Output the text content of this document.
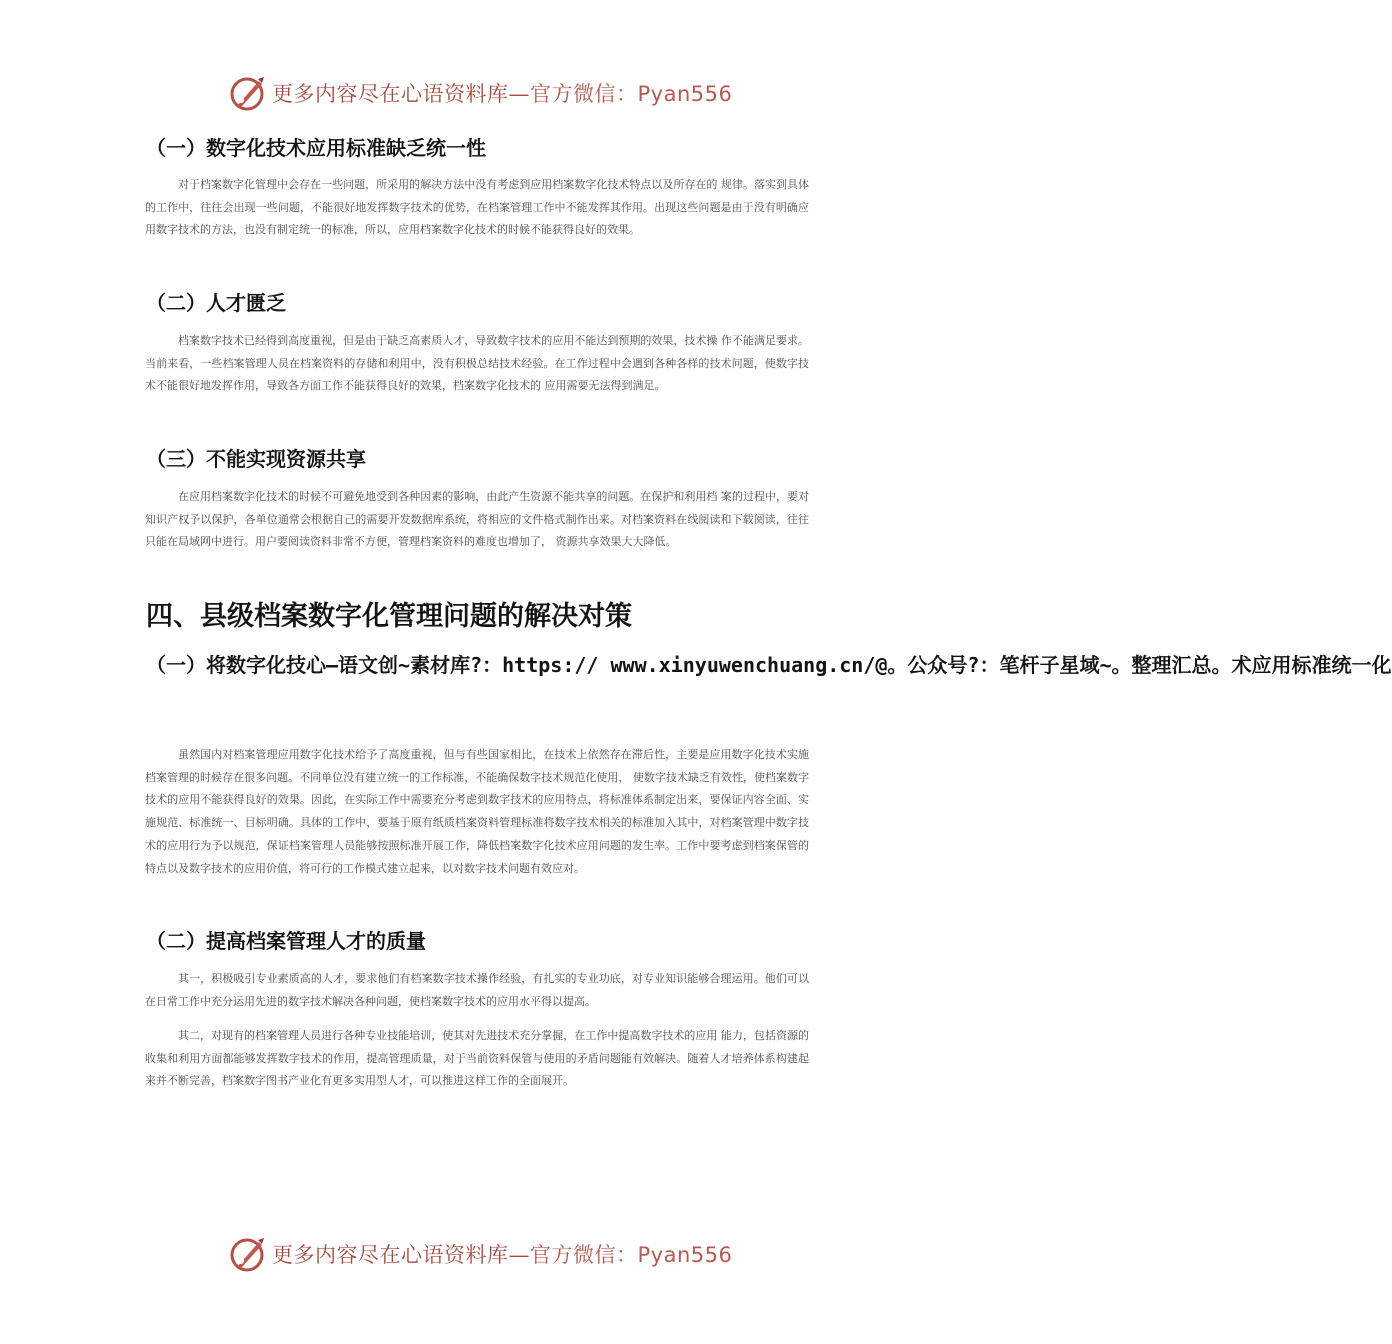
更多内容尽在心语资料库—官方微信：Pyan556
（一）数字化技术应用标准缺乏统一性

对于档案数字化管理中会存在一些问题，所采用的解决方法中没有考虑到应用档案数字化技术特点以及所存在的 规律。落实到具体的工作中，往往会出现一些问题，不能很好地发挥数字技术的优势，在档案管理工作中不能发挥其作用。出现这些问题是由于没有明确应用数字技术的方法，也没有制定统一的标准，所以，应用档案数字化技术的时候不能获得良好的效果。

（二）人才匮乏

档案数字技术已经得到高度重视，但是由于缺乏高素质人才，导致数字技术的应用不能达到预期的效果，技术操 作不能满足要求。当前来看，一些档案管理人员在档案资料的存储和利用中，没有积极总结技术经验。在工作过程中会遇到各种各样的技术问题，使数字技术不能很好地发挥作用，导致各方面工作不能获得良好的效果，档案数字化技术的 应用需要无法得到满足。

（三）不能实现资源共享

在应用档案数字化技术的时候不可避免地受到各种因素的影响，由此产生资源不能共享的问题。在保护和利用档 案的过程中，要对知识产权予以保护，各单位通常会根据自己的需要开发数据库系统，将相应的文件格式制作出来。对档案资料在线阅读和下载阅读，往往只能在局域网中进行。用户要阅读资料非常不方便，管理档案资料的难度也增加了， 资源共享效果大大降低。

四、县级档案数字化管理问题的解决对策
（一）将数字化技心—语文创~素材库?：https:// www.xinyuwenchuang.cn/@。公众号?：笔杆子星域~。整理汇总。术应用标准统一化

虽然国内对档案管理应用数字化技术给予了高度重视，但与有些国家相比，在技术上依然存在滞后性，主要是应用数字化技术实施档案管理的时候存在很多问题。不同单位没有建立统一的工作标准，不能确保数字技术规范化使用， 使数字技术缺乏有效性，使档案数字技术的应用不能获得良好的效果。因此，在实际工作中需要充分考虑到数字技术的应用特点，将标准体系制定出来，要保证内容全面、实施规范、标准统一、目标明确。具体的工作中，要基于原有纸质档案资料管理标准将数字技术相关的标准加入其中，对档案管理中数字技术的应用行为予以规范，保证档案管理人员能够按照标准开展工作，降低档案数字化技术应用问题的发生率。工作中要考虑到档案保管的特点以及数字技术的应用价值，将可行的工作模式建立起来，以对数字技术问题有效应对。

（二）提高档案管理人才的质量

其一，积极吸引专业素质高的人才，要求他们有档案数字技术操作经验，有扎实的专业功底，对专业知识能够合理运用。他们可以在日常工作中充分运用先进的数字技术解决各种问题，使档案数字技术的应用水平得以提高。

其二，对现有的档案管理人员进行各种专业技能培训，使其对先进技术充分掌握，在工作中提高数字技术的应用 能力，包括资源的收集和利用方面都能够发挥数字技术的作用，提高管理质量，对于当前资料保管与使用的矛盾问题能有效解决。随着人才培养体系构建起来并不断完善，档案数字图书产业化有更多实用型人才，可以推进这样工作的全面展开。

更多内容尽在心语资料库—官方微信：Pyan556
